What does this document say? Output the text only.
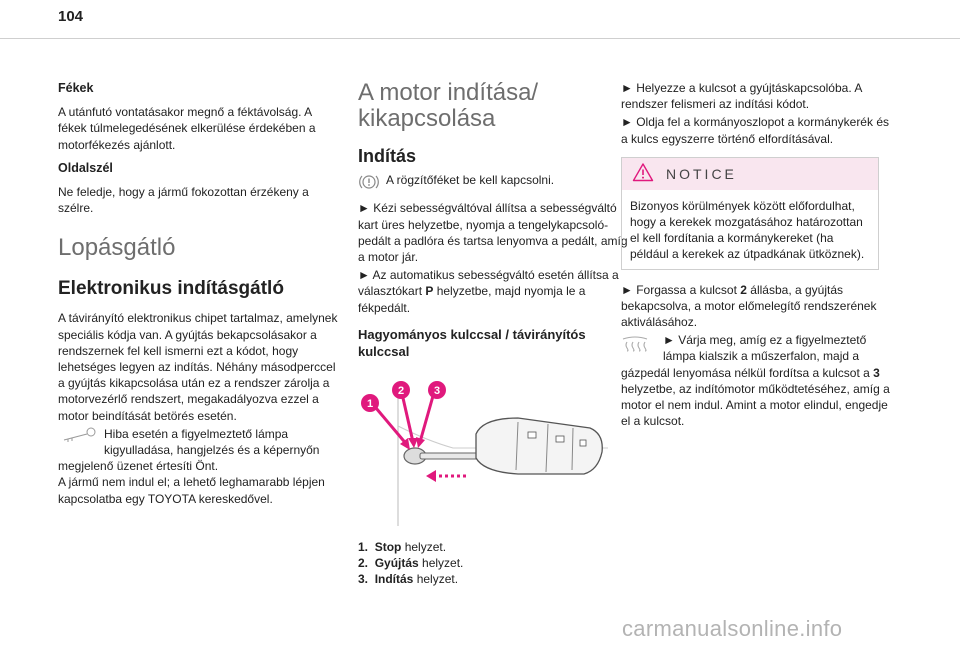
104
Fékek

A utánfutó vontatásakor megnő a féktávolság. A fékek túlmelegedésének elkerülése érdekében a motorfékezés ajánlott.

Oldalszél

Ne feledje, hogy a jármű fokozottan érzékeny a szélre.

Lopásgátló
Elektronikus indításgátló

A távirányító elektronikus chipet tartalmaz, amelynek speciális kódja van. A gyújtás bekapcsolásakor a rendszernek fel kell ismerni ezt a kódot, hogy lehetséges legyen az indítás. Néhány másodperccel a gyújtás kikapcsolása után ez a rendszer zárolja a motorvezérlő rendszert, megakadályozva ezzel a motor beindítását betörés esetén.

Hiba esetén a figyelmeztető lámpa kigyulladása, hangjelzés és a képernyőn megjelenő üzenet értesíti Önt.
A jármű nem indul el; a lehető leghamarabb lépjen kapcsolatba egy TOYOTA kereskedővel.
A motor indítása/ kikapcsolása
Indítás
A rögzítőféket be kell kapcsolni.

► Kézi sebességváltóval állítsa a sebességváltó kart üres helyzetbe, nyomja a tengelykapcsoló-pedált a padlóra és tartsa lenyomva a pedált, amíg a motor jár.

► Az automatikus sebességváltó esetén állítsa a választókart P helyzetbe, majd nyomja le a fékpedált.

Hagyományos kulccsal / távirányítós kulccsal
1
2	3
1. Stop helyzet.
2. Gyújtás helyzet.
3. Indítás helyzet.

► Helyezze a kulcsot a gyújtáskapcsolóba. A rendszer felismeri az indítási kódot.

► Oldja fel a kormányoszlopot a kormánykerék és a kulcs egyszerre történő elfordításával.

NOTICE
Bizonyos körülmények között előfordulhat, hogy a kerekek mozgatásához határozottan el kell fordítania a kormánykereket (ha például a kerekek az útpadkának ütköznek).

► Forgassa a kulcsot 2 állásba, a gyújtás bekapcsolva, a motor előmelegítő rendszerének aktiválásához.

► Várja meg, amíg ez a figyelmeztető lámpa kialszik a műszerfalon, majd a gázpedál lenyomása nélkül fordítsa a kulcsot a 3 helyzetbe, az indítómotor működtetéséhez, amíg a motor el nem indul. Amint a motor elindul, engedje el a kulcsot.
carmanualsonline.info
